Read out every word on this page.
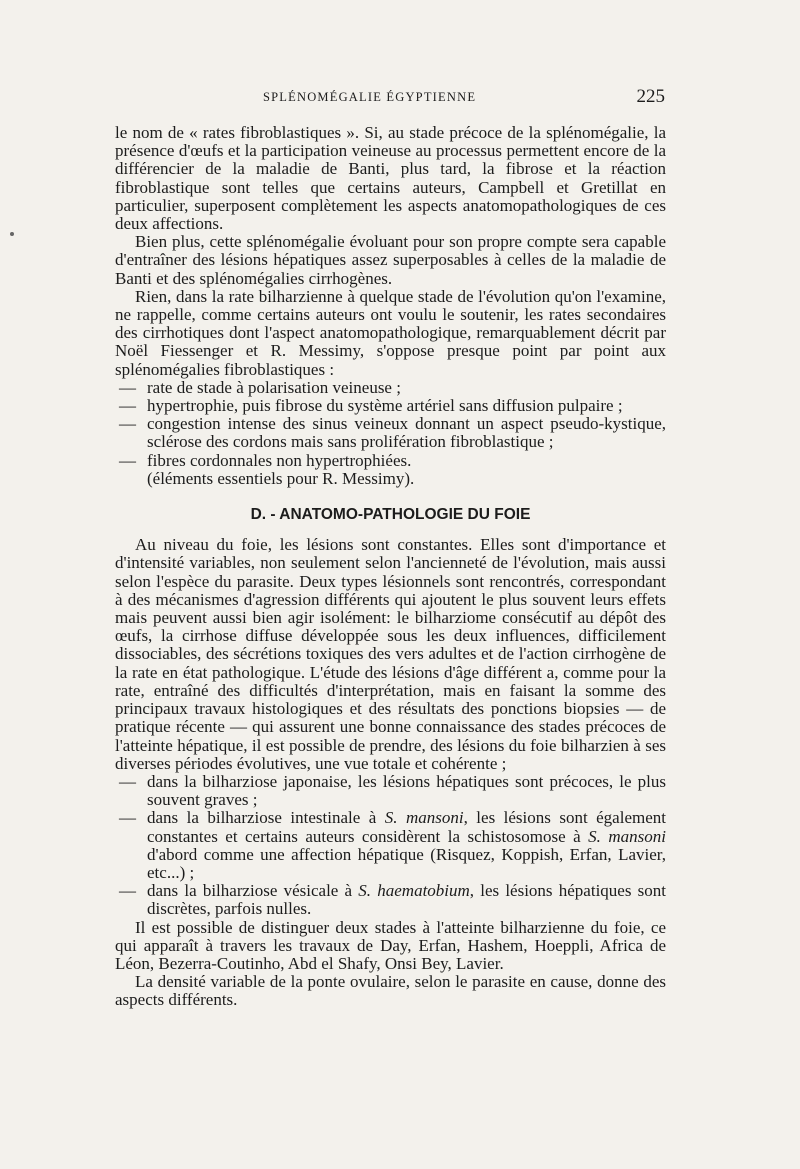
SPLÉNOMÉGALIE ÉGYPTIENNE	225

le nom de « rates fibroblastiques ». Si, au stade précoce de la splénomégalie, la présence d'œufs et la participation veineuse au processus permettent encore de la différencier de la maladie de Banti, plus tard, la fibrose et la réaction fibroblastique sont telles que certains auteurs, Campbell et Gretillat en particulier, superposent complètement les aspects anatomopathologiques de ces deux affections.

Bien plus, cette splénomégalie évoluant pour son propre compte sera capable d'entraîner des lésions hépatiques assez superposables à celles de la maladie de Banti et des splénomégalies cirrhogènes.

Rien, dans la rate bilharzienne à quelque stade de l'évolution qu'on l'examine, ne rappelle, comme certains auteurs ont voulu le soutenir, les rates secondaires des cirrhotiques dont l'aspect anatomopathologique, remarquablement décrit par Noël Fiessenger et R. Messimy, s'oppose presque point par point aux splénomégalies fibroblastiques :

— rate de stade à polarisation veineuse ;
— hypertrophie, puis fibrose du système artériel sans diffusion pulpaire ;
— congestion intense des sinus veineux donnant un aspect pseudo-kystique, sclérose des cordons mais sans prolifération fibroblastique ;
— fibres cordonnales non hypertrophiées.
(éléments essentiels pour R. Messimy).
D. - ANATOMO-PATHOLOGIE DU FOIE

Au niveau du foie, les lésions sont constantes. Elles sont d'importance et d'intensité variables, non seulement selon l'ancienneté de l'évolution, mais aussi selon l'espèce du parasite. Deux types lésionnels sont rencontrés, correspondant à des mécanismes d'agression différents qui ajoutent le plus souvent leurs effets mais peuvent aussi bien agir isolément: le bilharziome consécutif au dépôt des œufs, la cirrhose diffuse développée sous les deux influences, difficilement dissociables, des sécrétions toxiques des vers adultes et de l'action cirrhogène de la rate en état pathologique. L'étude des lésions d'âge différent a, comme pour la rate, entraîné des difficultés d'interprétation, mais en faisant la somme des principaux travaux histologiques et des résultats des ponctions biopsies — de pratique récente — qui assurent une bonne connaissance des stades précoces de l'atteinte hépatique, il est possible de prendre, des lésions du foie bilharzien à ses diverses périodes évolutives, une vue totale et cohérente ;

— dans la bilharziose japonaise, les lésions hépatiques sont précoces, le plus souvent graves ;
— dans la bilharziose intestinale à S. mansoni, les lésions sont également constantes et certains auteurs considèrent la schistosomose à S. mansoni d'abord comme une affection hépatique (Risquez, Koppish, Erfan, Lavier, etc...) ;
— dans la bilharziose vésicale à S. haematobium, les lésions hépatiques sont discrètes, parfois nulles.

Il est possible de distinguer deux stades à l'atteinte bilharzienne du foie, ce qui apparaît à travers les travaux de Day, Erfan, Hashem, Hoeppli, Africa de Léon, Bezerra-Coutinho, Abd el Shafy, Onsi Bey, Lavier.

La densité variable de la ponte ovulaire, selon le parasite en cause, donne des aspects différents.
